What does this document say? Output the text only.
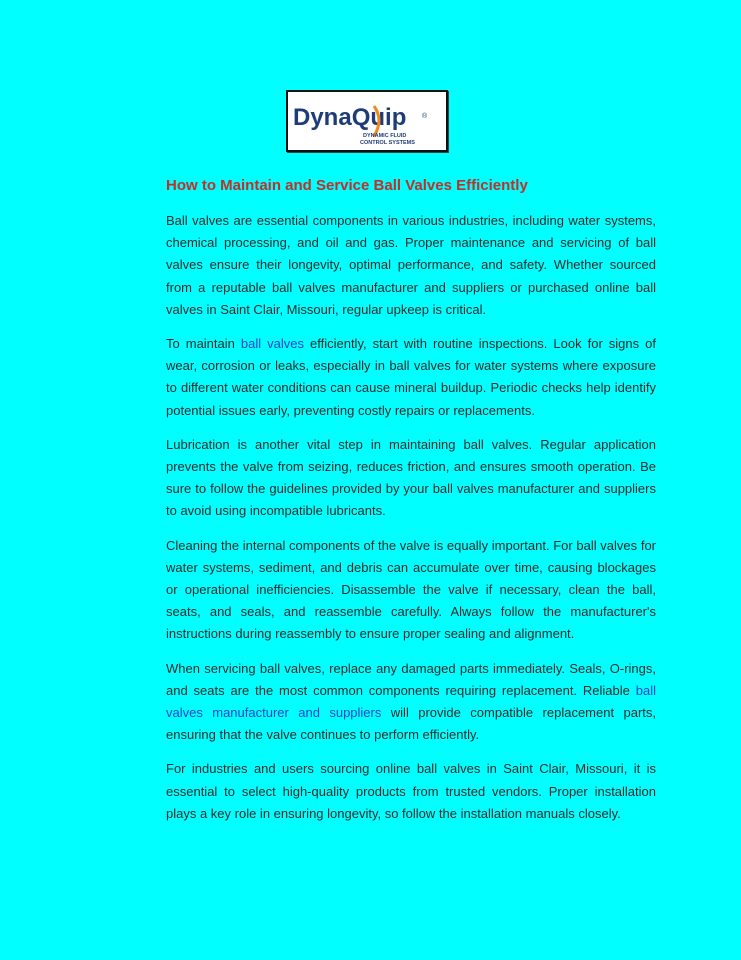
DynaQuip ®
DYNAMIC FLUID
CONTROL SYSTEMS
How to Maintain and Service Ball Valves Efficiently

Ball valves are essential components in various industries, including water systems, chemical processing, and oil and gas. Proper maintenance and servicing of ball valves ensure their longevity, optimal performance, and safety. Whether sourced from a reputable ball valves manufacturer and suppliers or purchased online ball valves in Saint Clair, Missouri, regular upkeep is critical.

To maintain ball valves efficiently, start with routine inspections. Look for signs of wear, corrosion or leaks, especially in ball valves for water systems where exposure to different water conditions can cause mineral buildup. Periodic checks help identify potential issues early, preventing costly repairs or replacements.

Lubrication is another vital step in maintaining ball valves. Regular application prevents the valve from seizing, reduces friction, and ensures smooth operation. Be sure to follow the guidelines provided by your ball valves manufacturer and suppliers to avoid using incompatible lubricants.

Cleaning the internal components of the valve is equally important. For ball valves for water systems, sediment, and debris can accumulate over time, causing blockages or operational inefficiencies. Disassemble the valve if necessary, clean the ball, seats, and seals, and reassemble carefully. Always follow the manufacturer's instructions during reassembly to ensure proper sealing and alignment.

When servicing ball valves, replace any damaged parts immediately. Seals, O-rings, and seats are the most common components requiring replacement. Reliable ball valves manufacturer and suppliers will provide compatible replacement parts, ensuring that the valve continues to perform efficiently.

For industries and users sourcing online ball valves in Saint Clair, Missouri, it is essential to select high-quality products from trusted vendors. Proper installation plays a key role in ensuring longevity, so follow the installation manuals closely.
